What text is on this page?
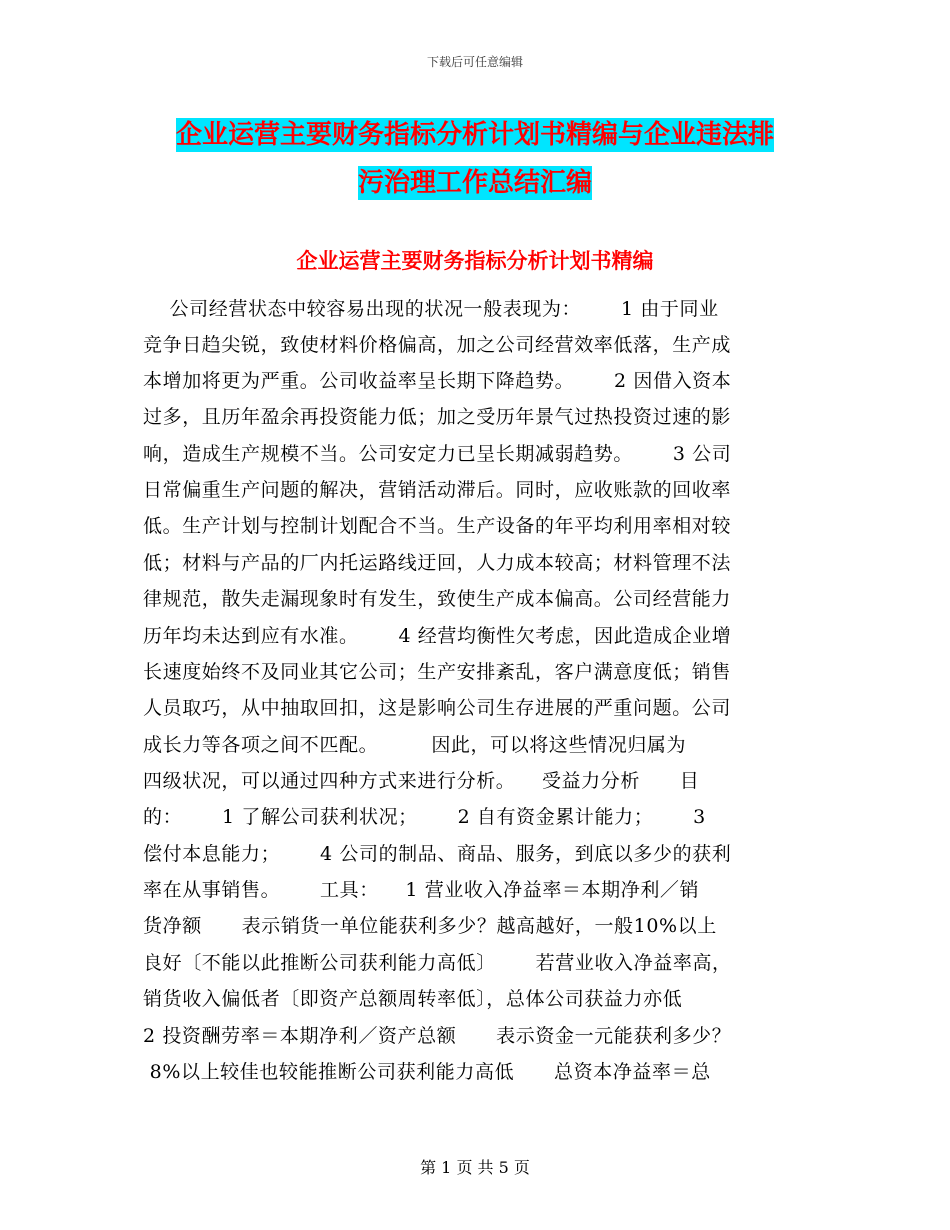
下载后可任意编辑
企业运营主要财务指标分析计划书精编与企业违法排
污治理工作总结汇编
企业运营主要财务指标分析计划书精编
公司经营状态中较容易出现的状况一般表现为：      1 由于同业
竞争日趋尖锐，致使材料价格偏高，加之公司经营效率低落，生产成
本增加将更为严重。公司收益率呈长期下降趋势。      2 因借入资本
过多，且历年盈余再投资能力低；加之受历年景气过热投资过速的影
响，造成生产规模不当。公司安定力已呈长期减弱趋势。      3 公司
日常偏重生产问题的解决，营销活动滞后。同时，应收账款的回收率
低。生产计划与控制计划配合不当。生产设备的年平均利用率相对较
低；材料与产品的厂内托运路线迂回，人力成本较高；材料管理不法
律规范，散失走漏现象时有发生，致使生产成本偏高。公司经营能力
历年均未达到应有水准。      4 经营均衡性欠考虑，因此造成企业增
长速度始终不及同业其它公司；生产安排紊乱，客户满意度低；销售
人员取巧，从中抽取回扣，这是影响公司生存进展的严重问题。公司
成长力等各项之间不匹配。        因此，可以将这些情况归属为
四级状况，可以通过四种方式来进行分析。    受益力分析      目
的：      1 了解公司获利状况；      2 自有资金累计能力；      3
偿付本息能力；      4 公司的制品、商品、服务，到底以多少的获利
率在从事销售。      工具：    1 营业收入净益率＝本期净利／销
货净额      表示销货一单位能获利多少？越高越好，一般10%以上
良好〔不能以此推断公司获利能力高低〕      若营业收入净益率高，
销货收入偏低者〔即资产总额周转率低〕，总体公司获益力亦低
2 投资酬劳率＝本期净利／资产总额      表示资金一元能获利多少？
8%以上较佳也较能推断公司获利能力高低      总资本净益率＝总
第 1 页 共 5 页
